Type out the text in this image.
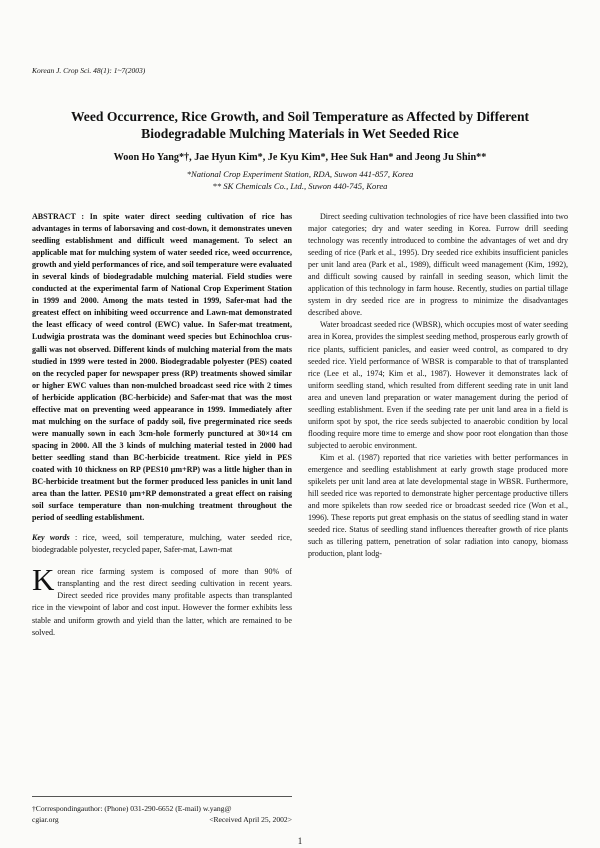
Korean J. Crop Sci. 48(1): 1~7(2003)
Weed Occurrence, Rice Growth, and Soil Temperature as Affected by Different
Biodegradable Mulching Materials in Wet Seeded Rice
Woon Ho Yang*†, Jae Hyun Kim*, Je Kyu Kim*, Hee Suk Han* and Jeong Ju Shin**
*National Crop Experiment Station, RDA, Suwon 441-857, Korea
** SK Chemicals Co., Ltd., Suwon 440-745, Korea

ABSTRACT : In spite water direct seeding cultivation of rice has advantages in terms of laborsaving and cost-down, it demonstrates uneven seedling establishment and difficult weed management. To select an applicable mat for mulching system of water seeded rice, weed occurrence, growth and yield performances of rice, and soil temperature were evaluated in several kinds of biodegradable mulching material. Field studies were conducted at the experimental farm of National Crop Experiment Station in 1999 and 2000. Among the mats tested in 1999, Safer-mat had the greatest effect on inhibiting weed occurrence and Lawn-mat demonstrated the least efficacy of weed control (EWC) value. In Safer-mat treatment, Ludwigia prostrata was the dominant weed species but Echinochloa crus-galli was not observed. Different kinds of mulching material from the mats studied in 1999 were tested in 2000. Biodegradable polyester (PES) coated on the recycled paper for newspaper press (RP) treatments showed similar or higher EWC values than non-mulched broadcast seed rice with 2 times of herbicide application (BC-herbicide) and Safer-mat that was the most effective mat on preventing weed appearance in 1999. Immediately after mat mulching on the surface of paddy soil, five pregerminated rice seeds were manually sown in each 3cm-hole formerly punctured at 30×14 cm spacing in 2000. All the 3 kinds of mulching material tested in 2000 had better seedling stand than BC-herbicide treatment. Rice yield in PES coated with 10 thickness on RP (PES10 μm+RP) was a little higher than in BC-herbicide treatment but the former produced less panicles in unit land area than the latter. PES10 μm+RP demonstrated a great effect on raising soil surface temperature than non-mulching treatment throughout the period of seedling establishment.

Key words : rice, weed, soil temperature, mulching, water seeded rice, biodegradable polyester, recycled paper, Safer-mat, Lawn-mat

Korean rice farming system is composed of more than 90% of transplanting and the rest direct seeding cultivation in recent years. Direct seeded rice provides many profitable aspects than transplanted rice in the viewpoint of labor and cost input. However the former exhibits less stable and uniform growth and yield than the latter, which are remained to be solved.

Direct seeding cultivation technologies of rice have been classified into two major categories; dry and water seeding in Korea. Furrow drill seeding technology was recently introduced to combine the advantages of wet and dry seeding of rice (Park et al., 1995). Dry seeded rice exhibits insufficient panicles per unit land area (Park et al., 1989), difficult weed management (Kim, 1992), and difficult sowing caused by rainfall in seeding season, which limit the application of this technology in farm house. Recently, studies on partial tillage system in dry seeded rice are in progress to minimize the disadvantages described above.

Water broadcast seeded rice (WBSR), which occupies most of water seeding area in Korea, provides the simplest seeding method, prosperous early growth of rice plants, sufficient panicles, and easier weed control, as compared to dry seeded rice. Yield performance of WBSR is comparable to that of transplanted rice (Lee et al., 1974; Kim et al., 1987). However it demonstrates lack of uniform seedling stand, which resulted from different seeding rate in unit land area and uneven land preparation or water management during the period of seedling establishment. Even if the seeding rate per unit land area in a field is uniform spot by spot, the rice seeds subjected to anaerobic condition by local flooding require more time to emerge and show poor root elongation than those subjected to aerobic environment.

Kim et al. (1987) reported that rice varieties with better performances in emergence and seedling establishment at early growth stage produced more spikelets per unit land area at late developmental stage in WBSR. Furthermore, hill seeded rice was reported to demonstrate higher percentage productive tillers and more spikelets than row seeded rice or broadcast seeded rice (Won et al., 1996). These reports put great emphasis on the status of seedling stand in water seeded rice. Status of seedling stand influences thereafter growth of rice plants such as tillering pattern, penetration of solar radiation into canopy, biomass production, plant lodg-

†Correspondingauthor: (Phone) 031-290-6652 (E-mail) w.yang@
cgiar.org	<Received April 25, 2002>
1
